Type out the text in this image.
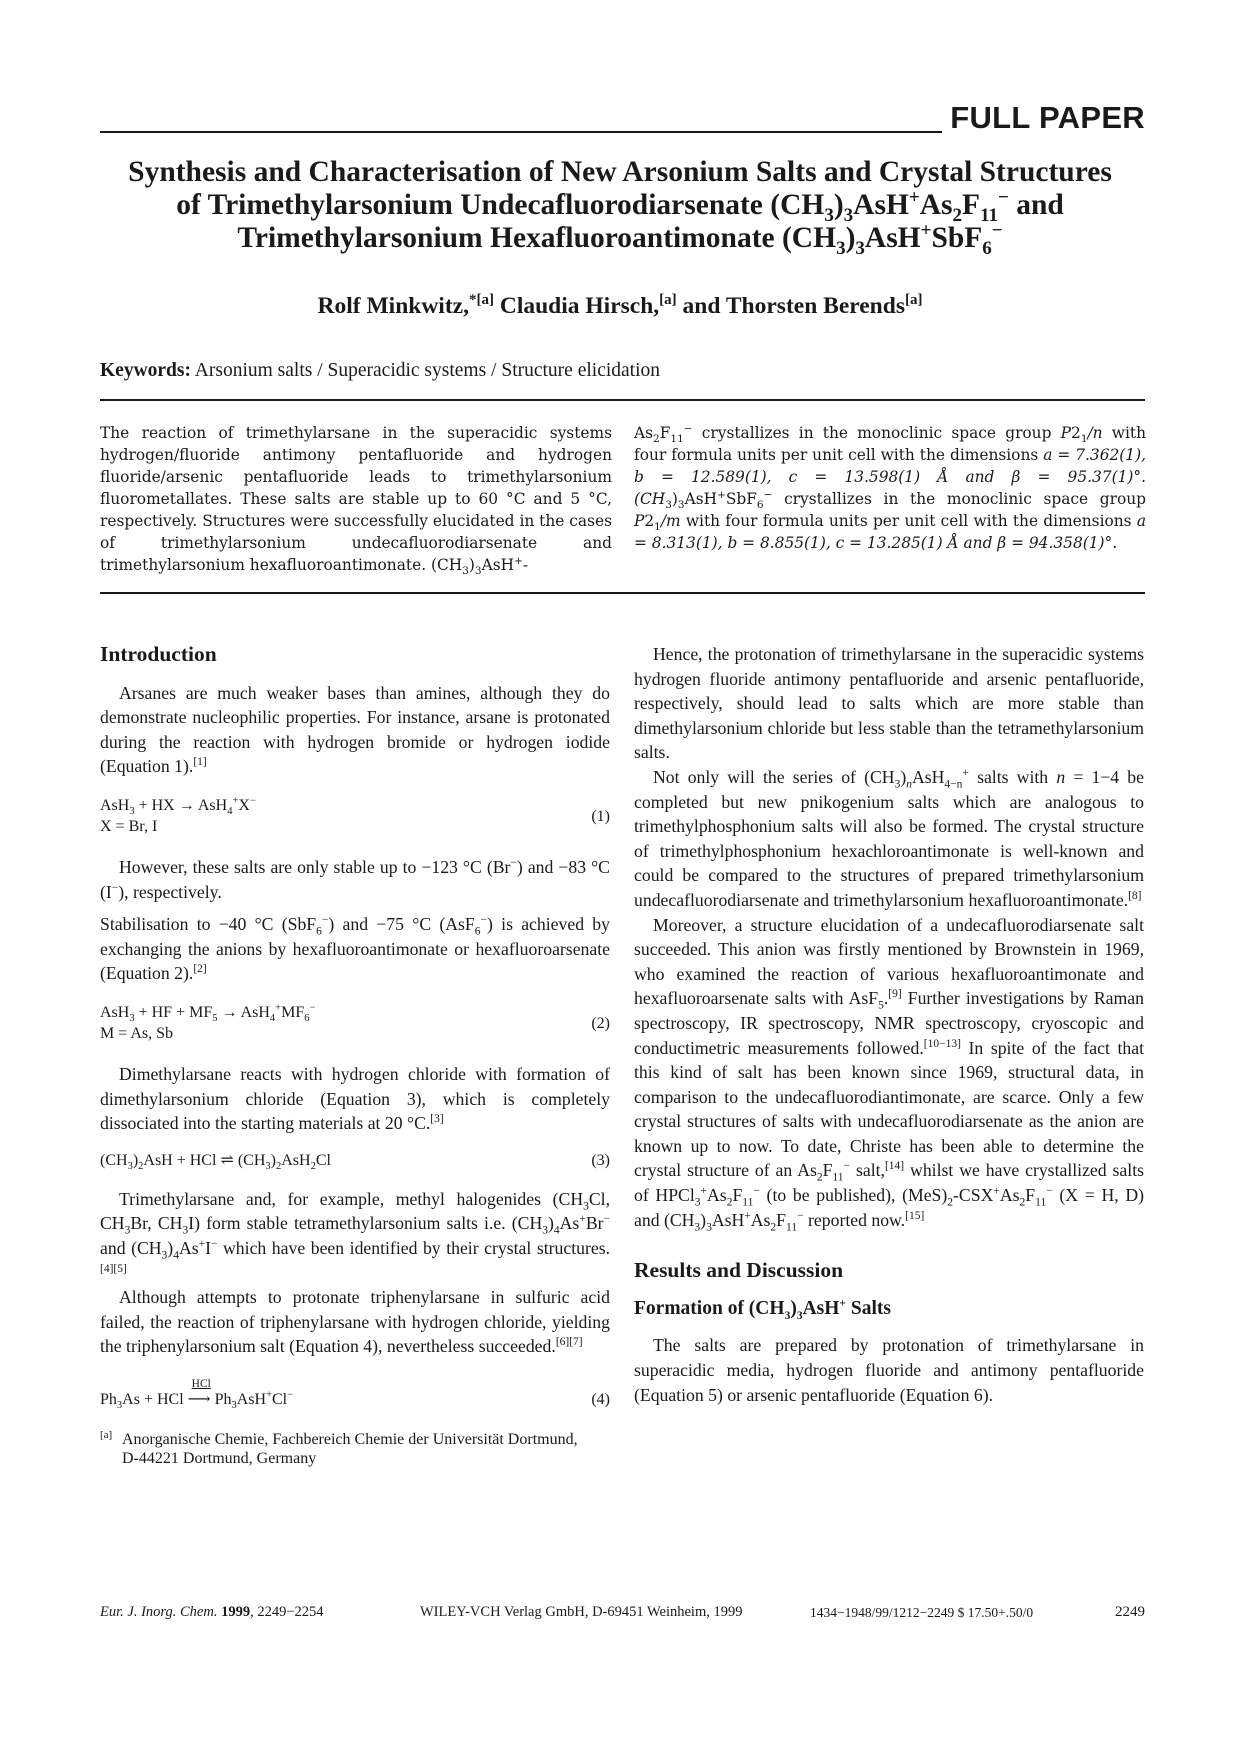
FULL PAPER
Synthesis and Characterisation of New Arsonium Salts and Crystal Structures
of Trimethylarsonium Undecafluorodiarsenate $(CH_3)_3AsH^+As_2F_{11}^-$ and
Trimethylarsonium Hexafluoroantimonate $(CH_3)_3AsH^+SbF_6^-$
Rolf Minkwitz,$^{*[a]}$ Claudia Hirsch,[a] and Thorsten Berends[a]
Keywords: Arsonium salts / Superacidic systems / Structure elicidation

The reaction of trimethylarsane in the superacidic systems hydrogen/fluoride antimony pentafluoride and hydrogen fluoride/arsenic pentafluoride leads to trimethylarsonium fluorometallates. These salts are stable up to 60 °C and 5 °C, respectively. Structures were successfully elucidated in the cases of trimethylarsonium undecafluorodiarsenate and trimethylarsonium hexafluoroantimonate. $(CH_3)_3AsH^+-$

$As_2F_{11}^-$ crystallizes in the monoclinic space group $P2_1/n$ with four formula units per unit cell with the dimensions a = 7.362(1), b = 12.589(1), c = 13.598(1) Å and β = 95.37(1)°. $(CH_3)_3AsH^+SbF_6^-$ crystallizes in the monoclinic space group $P2_1/m$ with four formula units per unit cell with the dimensions a = 8.313(1), b = 8.855(1), c = 13.285(1) Å and β = 94.358(1)°.

Introduction

Arsanes are much weaker bases than amines, although they do demonstrate nucleophilic properties. For instance, arsane is protonated during the reaction with hydrogen bromide or hydrogen iodide (Equation 1).[1]

AsH$_3$ + HX → AsH$_4$+X−
X = Br, I
(1)

However, these salts are only stable up to −123 °C (Br−) and −83 °C (I−), respectively.

Stabilisation to −40 °C (SbF$_6$−) and −75 °C (AsF$_6$−) is achieved by exchanging the anions by hexafluoroantimonate or hexafluoroarsenate (Equation 2).[2]

AsH$_3$ + HF + $MF_5 \to AsH_4^+MF_6^-$
M = As, Sb
(2)

Dimethylarsane reacts with hydrogen chloride with formation of dimethylarsonium chloride (Equation 3), which is completely dissociated into the starting materials at 20 °C.[3]

$(CH_3)_2AsH$ + HCl ⇌ $(CH_3)_2AsH_2Cl$	(3)

Trimethylarsane and, for example, methyl halogenides ($CH_3Cl$, $CH_3Br$, $CH_3I$) form stable tetramethylarsonium salts i.e. $(CH_3)_4As^+Br^-$ and $(CH_3)_4As^+I^-$ which have been identified by their crystal structures.[4][5]

Although attempts to protonate triphenylarsane in sulfuric acid failed, the reaction of triphenylarsane with hydrogen chloride, yielding the triphenylarsonium salt (Equation 4), nevertheless succeeded.[6][7]

$Ph_3As$ + HCl
HCl
⟶ $Ph_3AsH^+Cl^-$	(4)
[a] Anorganische Chemie, Fachbereich Chemie der Universität Dortmund,
D-44221 Dortmund, Germany

Hence, the protonation of trimethylarsane in the superacidic systems hydrogen fluoride antimony pentafluoride and arsenic pentafluoride, respectively, should lead to salts which are more stable than dimethylarsonium chloride but less stable than the tetramethylarsonium salts.

Not only will the series of $(CH_3)_nAsH_{4-n}^+$ salts with n = 1−4 be completed but new pnikogenium salts which are analogous to trimethylphosphonium salts will also be formed. The crystal structure of trimethylphosphonium hexachloroantimonate is well-known and could be compared to the structures of prepared trimethylarsonium undecafluorodiarsenate and trimethylarsonium hexafluoroantimonate.[8]

Moreover, a structure elucidation of a undecafluorodiarsenate salt succeeded. This anion was firstly mentioned by Brownstein in 1969, who examined the reaction of various hexafluoroantimonate and hexafluoroarsenate salts with AsF$_5$.[9] Further investigations by Raman spectroscopy, IR spectroscopy, NMR spectroscopy, cryoscopic and conductimetric measurements followed.[10−13] In spite of the fact that this kind of salt has been known since 1969, structural data, in comparison to the undecafluorodiantimonate, are scarce. Only a few crystal structures of salts with undecafluorodiarsenate as the anion are known up to now. To date, Christe has been able to determine the crystal structure of an $As_2F_{11}^-$ salt,[14] whilst we have crystallized salts of $HPCl_3^+As_2F_{11}^-$ (to be published), $(MeS)_2-CSX^+As_2F_{11}^-$ (X = H, D) and $(CH_3)_3AsH^+As_2F_{11}^-$ reported now.[15]

Results and Discussion
Formation of $(CH_3)_3AsH^+$ Salts

The salts are prepared by protonation of trimethylarsane in superacidic media, hydrogen fluoride and antimony pentafluoride (Equation 5) or arsenic pentafluoride (Equation 6).

Eur. J. Inorg. Chem. 1999, 2249−2254	WILEY-VCH Verlag GmbH, D-69451 Weinheim, 1999	1434−1948/99/1212−2249 $ 17.50+.50/0	2249
